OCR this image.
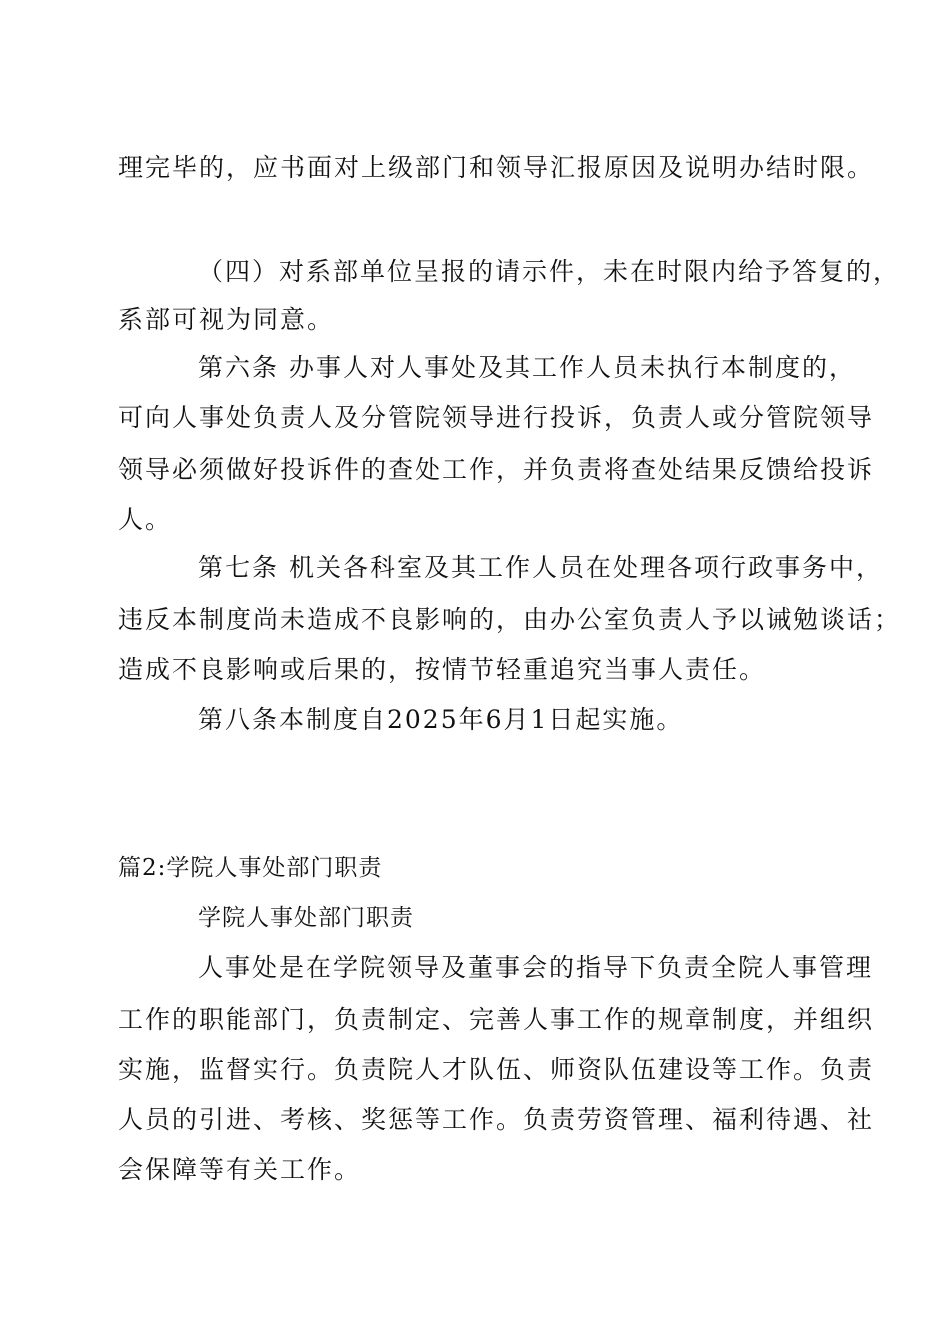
理完毕的，应书面对上级部门和领导汇报原因及说明办结时限。
（四）对系部单位呈报的请示件，未在时限内给予答复的，
系部可视为同意。
第六条 办事人对人事处及其工作人员未执行本制度的，
可向人事处负责人及分管院领导进行投诉，负责人或分管院领导
领导必须做好投诉件的查处工作，并负责将查处结果反馈给投诉
人。
第七条 机关各科室及其工作人员在处理各项行政事务中，
违反本制度尚未造成不良影响的，由办公室负责人予以诫勉谈话；
造成不良影响或后果的，按情节轻重追究当事人责任。
第八条本制度自2025年6月1日起实施。
篇2:学院人事处部门职责
学院人事处部门职责
人事处是在学院领导及董事会的指导下负责全院人事管理
工作的职能部门，负责制定、完善人事工作的规章制度，并组织
实施，监督实行。负责院人才队伍、师资队伍建设等工作。负责
人员的引进、考核、奖惩等工作。负责劳资管理、福利待遇、社
会保障等有关工作。
